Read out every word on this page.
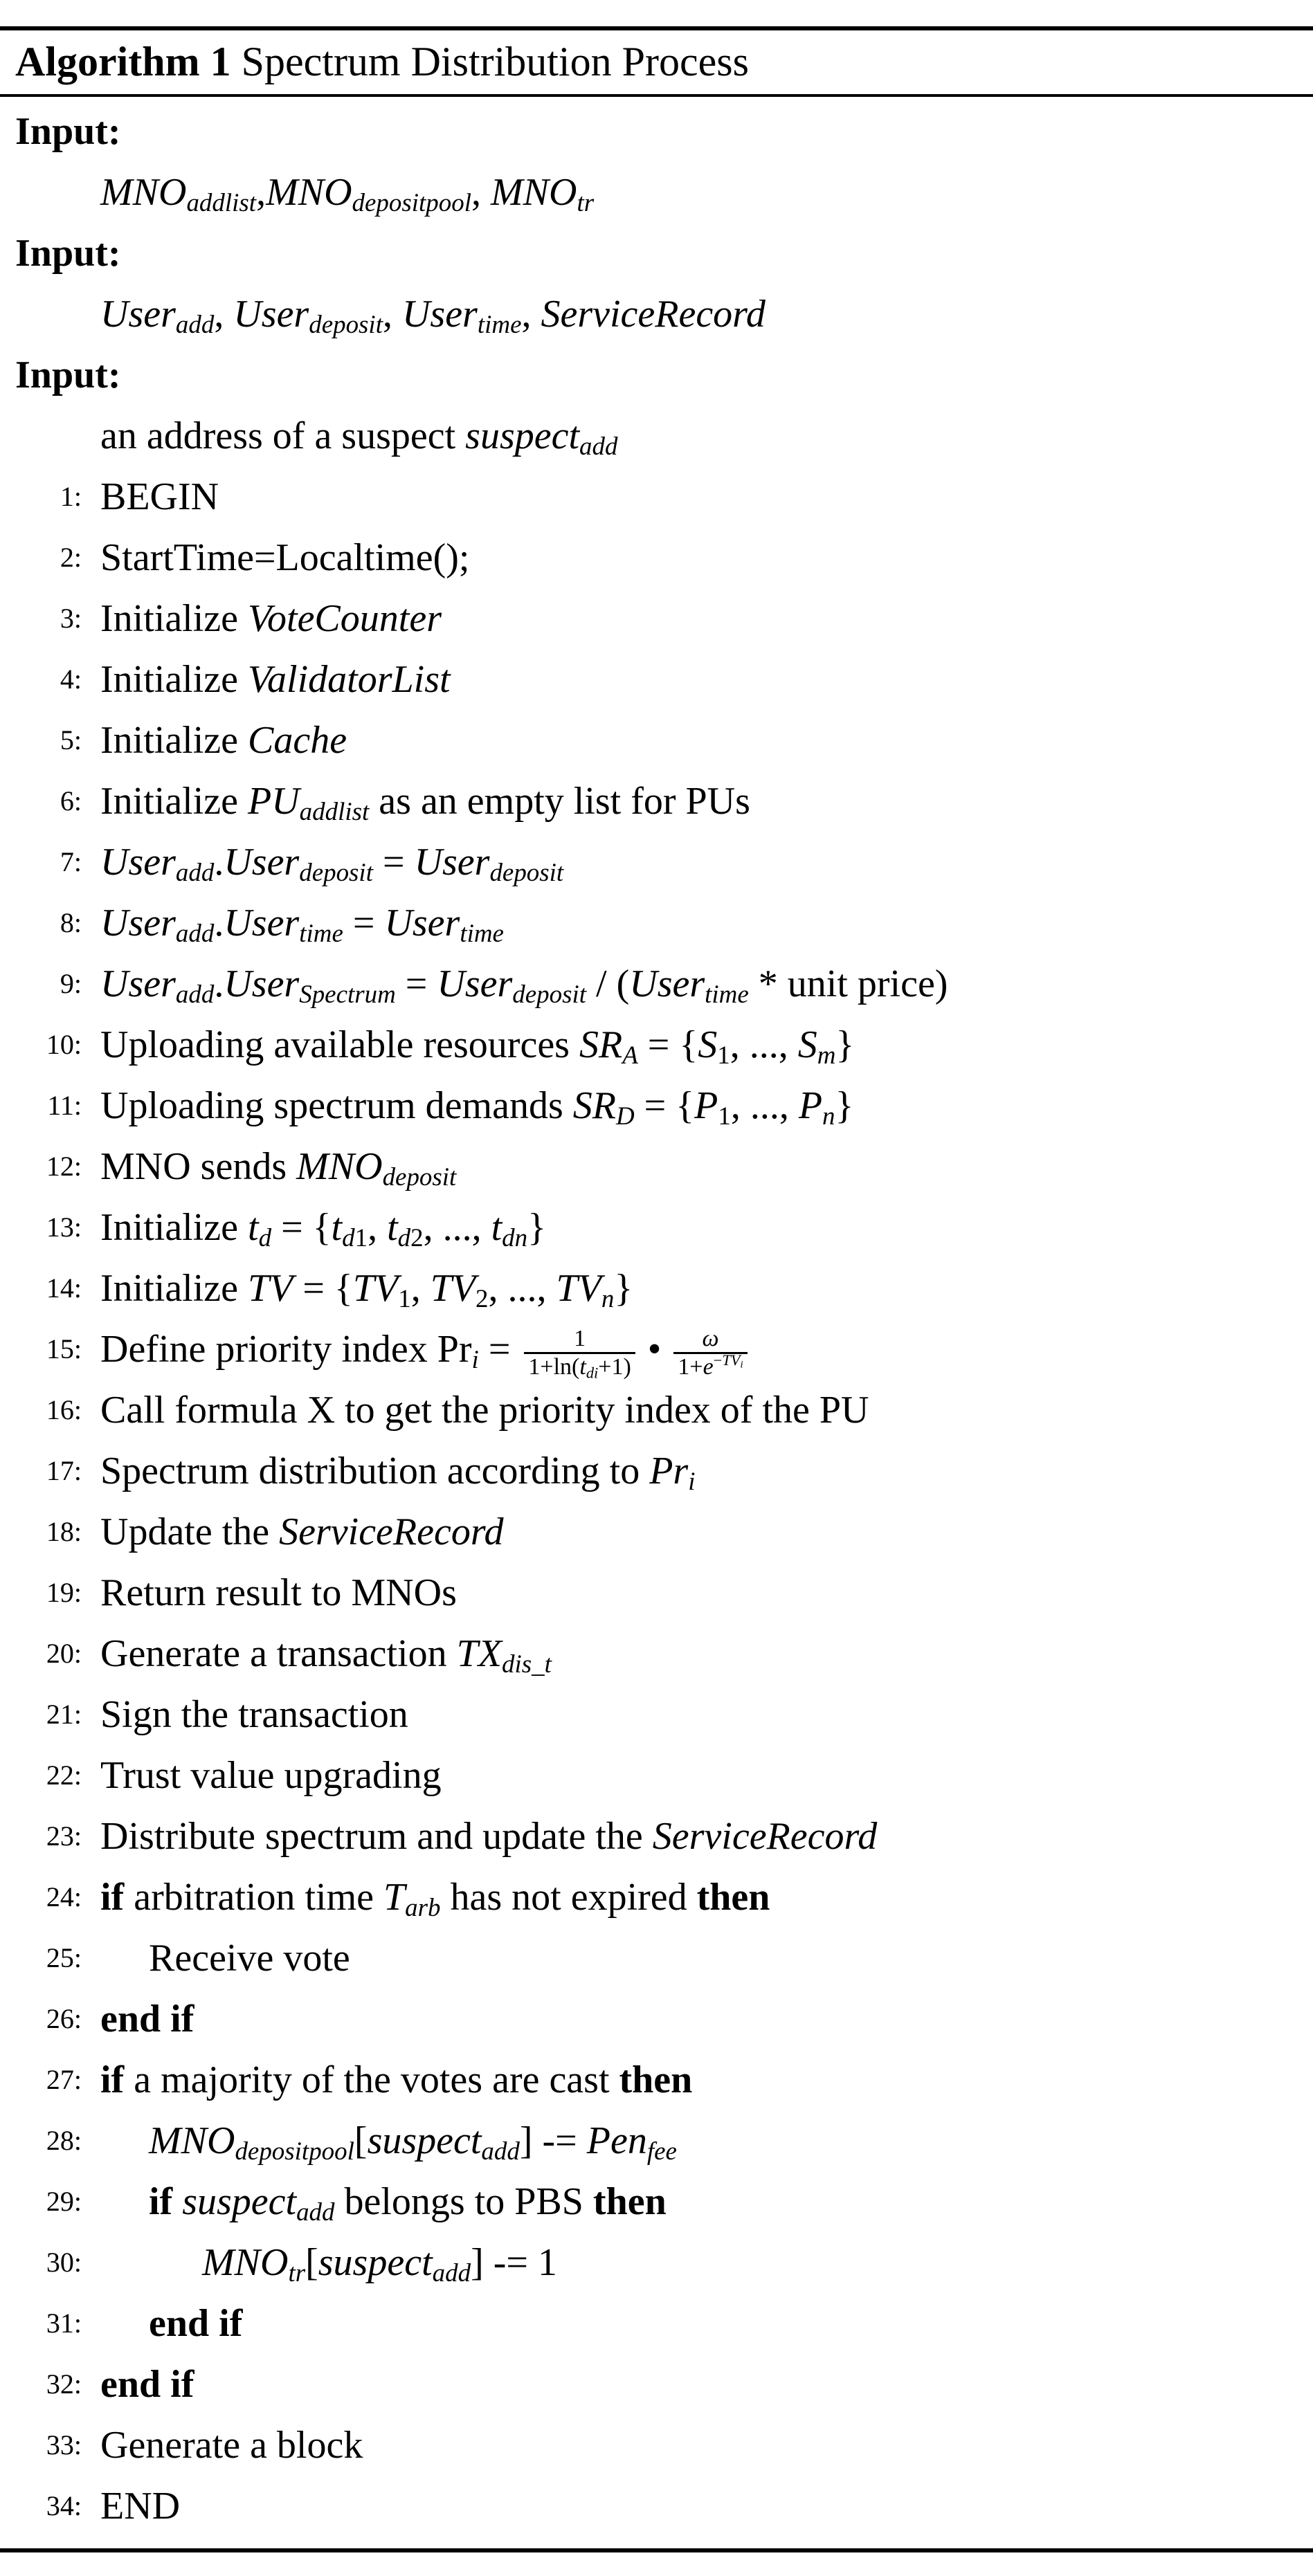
Algorithm 1 Spectrum Distribution Process
Input:
$MNO_{addlist},MNO_{depositpool}$, $MNO_{tr}$
Input:
User$_{add}$, User$_{deposit}$, User$_{time}$, ServiceRecord
Input:
an address of a suspect suspect$_{add}$
1: BEGIN
2: StartTime=Localtime();
3: Initialize VoteCounter
4: Initialize ValidatorList
5: Initialize Cache
6: Initialize $PU_{addlist}$ as an empty list for PUs
7: User$_{add}$.User$_{deposit}$ = User$_{deposit}$
8: User$_{add}$.User$_{time}$ = User$_{time}$
9: User$_{add}$.User$_{Spectrum}$ = User$_{deposit}$ / (User$_{time}$ * unit price)
10: Uploading available resources $SR_A = \{S_1$, ..., $S_m$}
11: Uploading spectrum demands $SR_D = \{P_1$, ..., $P_n$}
12: MNO sends $MNO_{deposit}$
13: Initialize $t_d = \{t_{d1}$, $t_{d2}$, ..., $t_{dn}$}
14: Initialize TV = {$TV_1$, $TV_2$, ..., $TV_n$}
15: Define priority index $Pr_i = \frac{1}{1+\ln(t_{di}+1)}$ • $\frac{\omega}{1+e^{-TV_i}}$
16: Call formula X to get the priority index of the PU
17: Spectrum distribution according to $Pr_i$
18: Update the ServiceRecord
19: Return result to MNOs
20: Generate a transaction $TX_{dis\_t}$
21: Sign the transaction
22: Trust value upgrading
23: Distribute spectrum and update the ServiceRecord
24: if arbitration time $T_{arb}$ has not expired then
25: Receive vote
26: end if
27: if a majority of the votes are cast then
28: $MNO_{depositpool}[suspect_{add}] -= Pen_{fee}$
29: if suspect$_{add}$ belongs to PBS then
30:	$MNO_{tr}[suspect_{add}] -= 1$
31: end if
32: end if
33: Generate a block
34: END
